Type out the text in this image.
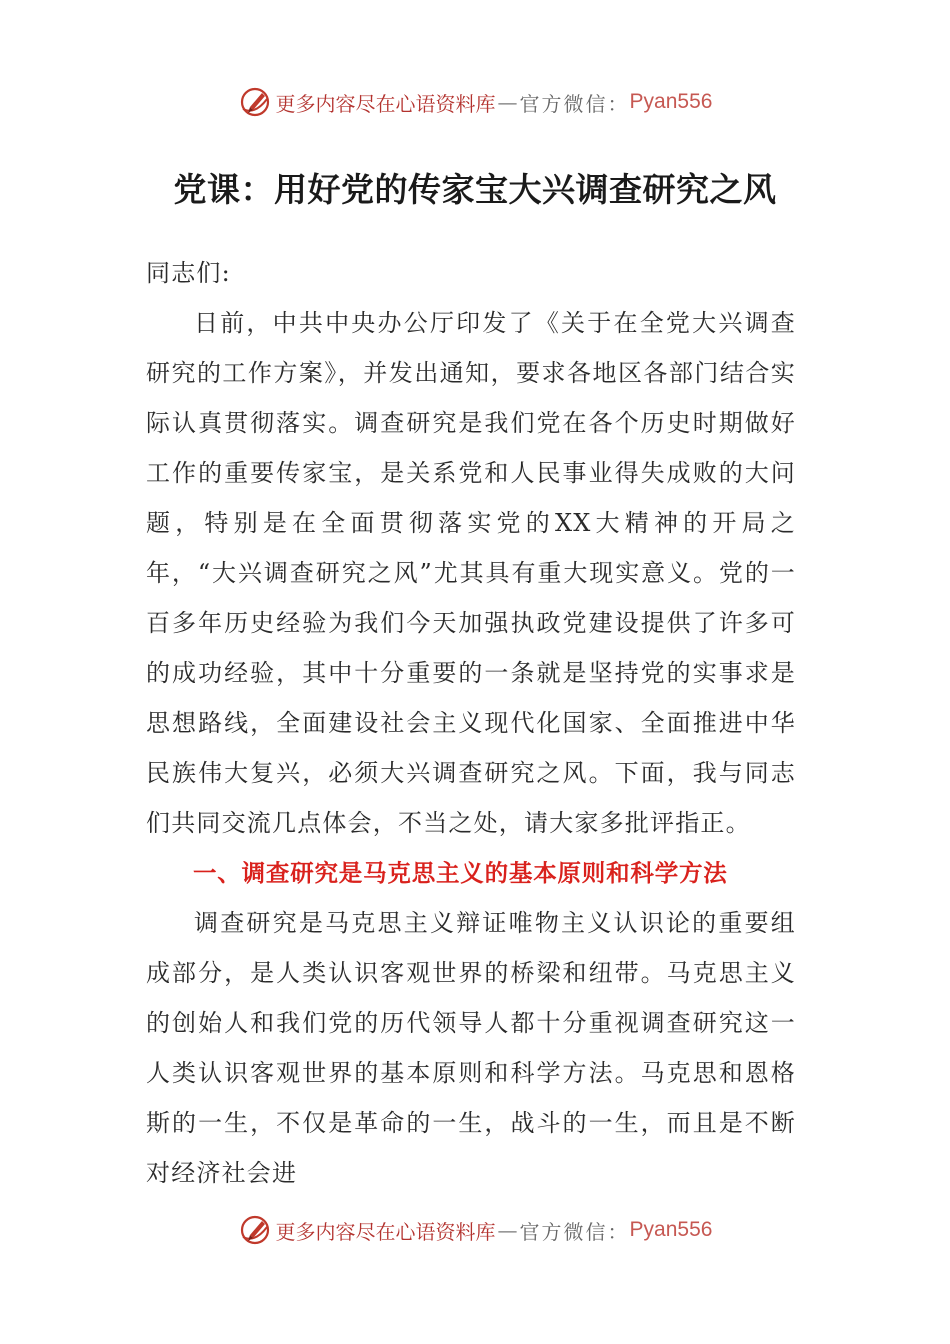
更多内容尽在心语资料库 — 官方微信： Pyan556
党课：用好党的传家宝大兴调查研究之风

同志们:

日前，中共中央办公厅印发了《关于在全党大兴调查研究的工作方案》，并发出通知，要求各地区各部门结合实际认真贯彻落实。调查研究是我们党在各个历史时期做好工作的重要传家宝，是关系党和人民事业得失成败的大问题，特别是在全面贯彻落实党的XX大精神的开局之年，“大兴调查研究之风”尤其具有重大现实意义。党的一百多年历史经验为我们今天加强执政党建设提供了许多可的成功经验，其中十分重要的一条就是坚持党的实事求是思想路线，全面建设社会主义现代化国家、全面推进中华民族伟大复兴，必须大兴调查研究之风。下面，我与同志们共同交流几点体会，不当之处，请大家多批评指正。

一、调查研究是马克思主义的基本原则和科学方法

调查研究是马克思主义辩证唯物主义认识论的重要组成部分，是人类认识客观世界的桥梁和纽带。马克思主义的创始人和我们党的历代领导人都十分重视调查研究这一人类认识客观世界的基本原则和科学方法。马克思和恩格斯的一生，不仅是革命的一生，战斗的一生，而且是不断对经济社会进

更多内容尽在心语资料库 — 官方微信： Pyan556
